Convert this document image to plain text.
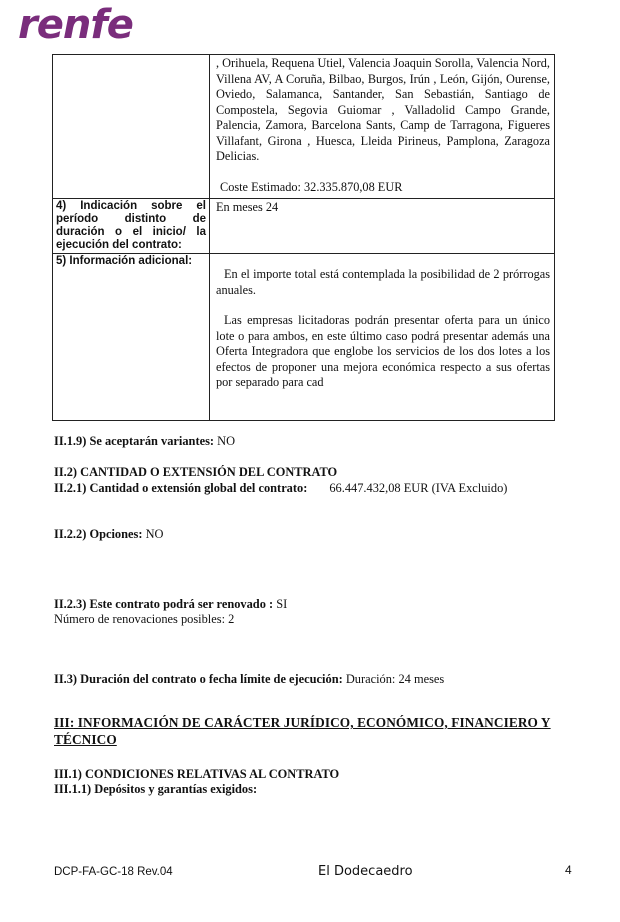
renfe

	, Orihuela, Requena Utiel, Valencia Joaquin Sorolla, Valencia Nord, Villena AV, A Coruña, Bilbao, Burgos, Irún , León, Gijón, Ourense, Oviedo, Salamanca, Santander, San Sebastián, Santiago de Compostela, Segovia Guiomar , Valladolid Campo Grande, Palencia, Zamora, Barcelona Sants, Camp de Tarragona, Figueres Villafant, Girona , Huesca, Lleida Pirineus, Pamplona, Zaragoza Delicias.

Coste Estimado: 32.335.870,08 EUR

4) Indicación sobre el período distinto de duración o el inicio/ la ejecución del contrato:	En meses 24
5) Información adicional:	En el importe total está contemplada la posibilidad de 2 prórrogas anuales.

Las empresas licitadoras podrán presentar oferta para un único lote o para ambos, en este último caso podrá presentar además una Oferta Integradora que englobe los servicios de los dos lotes a los efectos de proponer una mejora económica respecto a sus ofertas por separado para cad

II.1.9) Se aceptarán variantes: NO
II.2) CANTIDAD O EXTENSIÓN DEL CONTRATO
II.2.1) Cantidad o extensión global del contrato: 66.447.432,08 EUR (IVA Excluido)
II.2.2) Opciones: NO
II.2.3) Este contrato podrá ser renovado : SI
Número de renovaciones posibles: 2
II.3) Duración del contrato o fecha límite de ejecución: Duración: 24 meses
III: INFORMACIÓN DE CARÁCTER JURÍDICO, ECONÓMICO, FINANCIERO Y TÉCNICO
III.1) CONDICIONES RELATIVAS AL CONTRATO
III.1.1) Depósitos y garantías exigidos:
DCP-FA-GC-18 Rev.04	El Dodecaedro	4
